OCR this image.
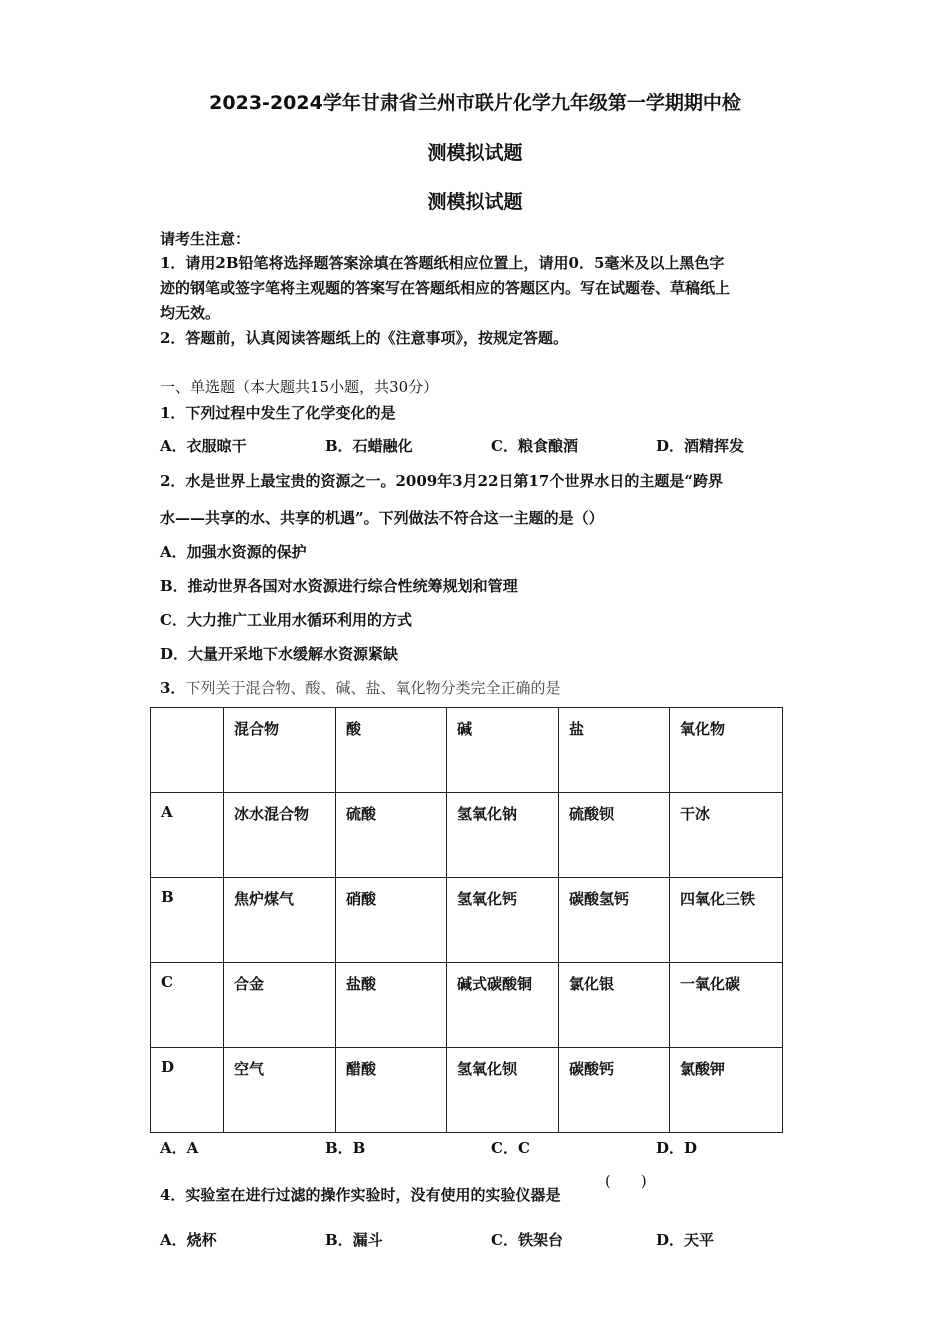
2023-2024学年甘肃省兰州市联片化学九年级第一学期期中检
测模拟试题
测模拟试题
请考生注意：
1．请用2B铅笔将选择题答案涂填在答题纸相应位置上，请用0．5毫米及以上黑色字
迹的钢笔或签字笔将主观题的答案写在答题纸相应的答题区内。写在试题卷、草稿纸上
均无效。
2．答题前，认真阅读答题纸上的《注意事项》，按规定答题。
一、单选题（本大题共15小题，共30分）
1．下列过程中发生了化学变化的是
A．衣服晾干	B．石蜡融化	C．粮食酿酒	D．酒精挥发
2．水是世界上最宝贵的资源之一。2009年3月22日第17个世界水日的主题是“跨界
水——共享的水、共享的机遇”。下列做法不符合这一主题的是（）
A．加强水资源的保护
B．推动世界各国对水资源进行综合性统筹规划和管理
C．大力推广工业用水循环利用的方式
D．大量开采地下水缓解水资源紧缺
3．下列关于混合物、酸、碱、盐、氧化物分类完全正确的是
	混合物	酸	碱	盐	氧化物
A	冰水混合物	硫酸	氢氧化钠	硫酸钡	干冰
B	焦炉煤气	硝酸	氢氧化钙	碳酸氢钙	四氧化三铁
C	合金	盐酸	碱式碳酸铜	氯化银	一氧化碳
D	空气	醋酸	氢氧化钡	碳酸钙	氯酸钾
A．A	B．B	C．C	D．D
4．实验室在进行过滤的操作实验时，没有使用的实验仪器是
(　　)
A．烧杯	B．漏斗	C．铁架台	D．天平
